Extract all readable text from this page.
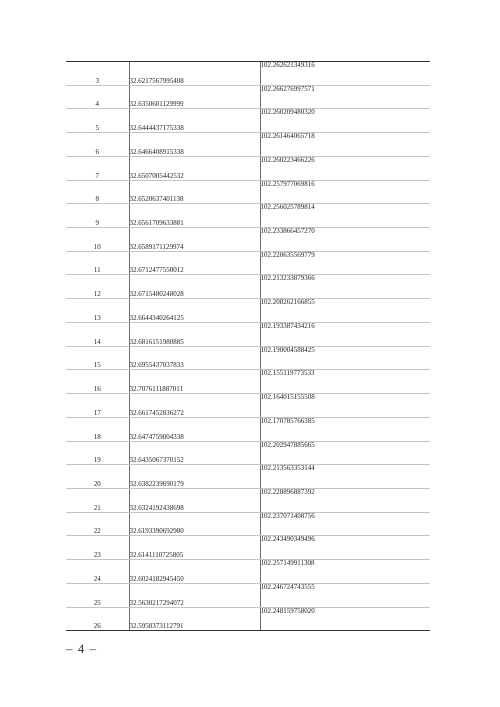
3	32.6217567995408	102.262621349316
4	32.6350601129999	102.266276997571
5	32.6444437175338	102.260209480320
6	32.6466408915338	102.261464065718
7	32.6507005442532	102.260223466226
8	32.6520637401138	102.257977069816
9	32.6561709633881	102.256025789814
10	32.6589171129974	102.233866457270
11	32.6712477550012	102.220635569779
12	32.6715480248028	102.213233879366
13	32.6644340264125	102.208262166855
14	32.6816151980885	102.193387434216
15	32.6955437037833	102.190004588425
16	32.7076111887011	102.155119773533
17	32.6617452836272	102.164015155508
18	32.6474759004338	102.170785766385
19	32.6435067370152	102.202947885665
20	32.6382239690179	102.213563353144
21	32.6324192438698	102.228896887392
22	32.6193390692980	102.237071408756
23	32.6141110725805	102.243490349496
24	32.6024182945450	102.257149911308
25	32.5630217294072	102.246724743555
26	32.5958373112791	102.248159758020
– 4 –
